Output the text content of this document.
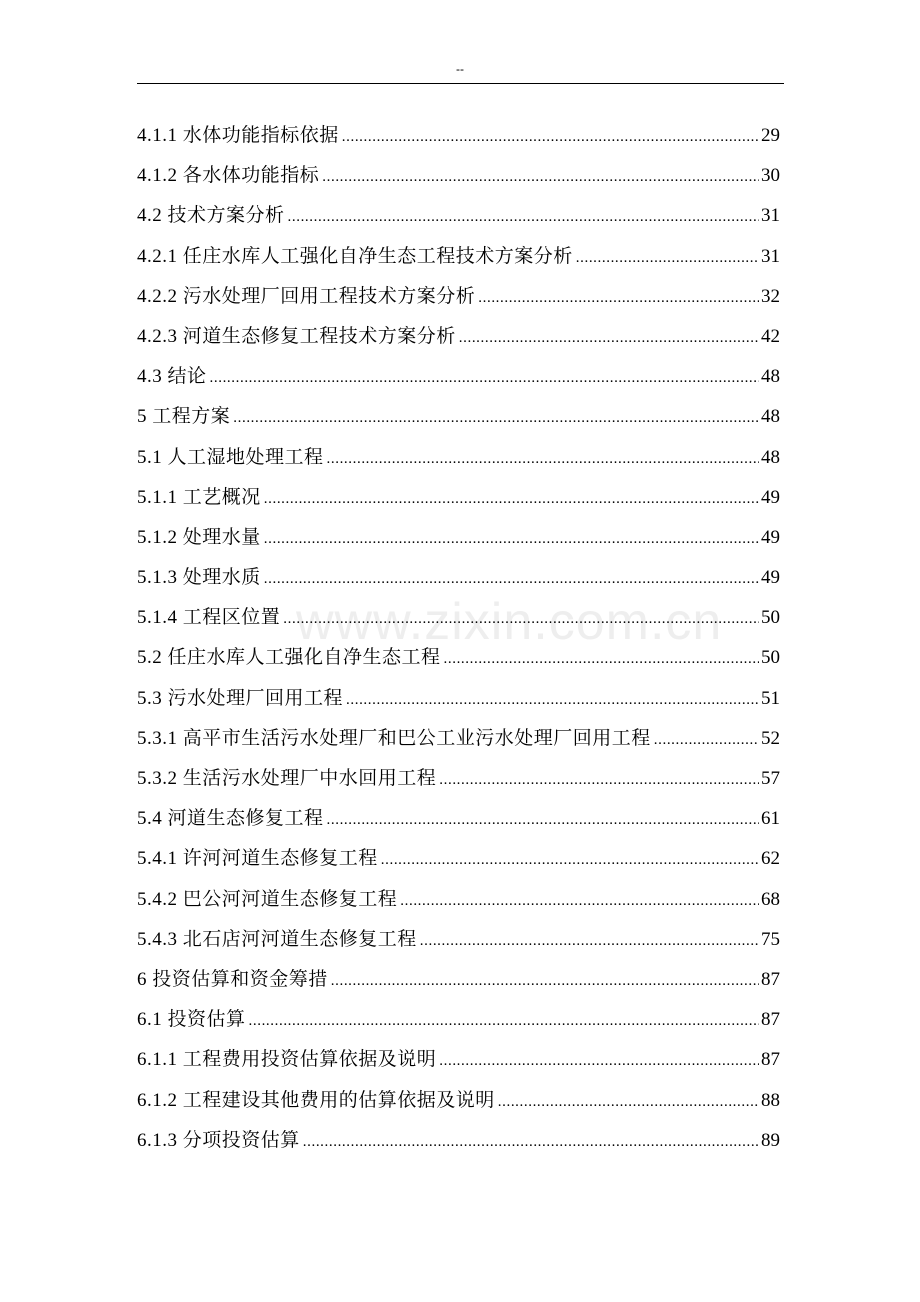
--
www.zixin.com.cn
4.1.1 水体功能指标依据 .....	29
4.1.2 各水体功能指标 .....	30
4.2 技术方案分析 .....	31
4.2.1 任庄水库人工强化自净生态工程技术方案分析 .....	31
4.2.2 污水处理厂回用工程技术方案分析 .....	32
4.2.3 河道生态修复工程技术方案分析 .....	42
4.3 结论 .....	48
5 工程方案 .....	48
5.1 人工湿地处理工程 .....	48
5.1.1 工艺概况 .....	49
5.1.2 处理水量 .....	49
5.1.3 处理水质 .....	49
5.1.4 工程区位置 .....	50
5.2 任庄水库人工强化自净生态工程 .....	50
5.3 污水处理厂回用工程 .....	51
5.3.1 高平市生活污水处理厂和巴公工业污水处理厂回用工程 .....	52
5.3.2 生活污水处理厂中水回用工程 .....	57
5.4 河道生态修复工程 .....	61
5.4.1 许河河道生态修复工程 .....	62
5.4.2 巴公河河道生态修复工程 .....	68
5.4.3 北石店河河道生态修复工程 .....	75
6 投资估算和资金筹措 .....	87
6.1 投资估算 .....	87
6.1.1 工程费用投资估算依据及说明 .....	87
6.1.2 工程建设其他费用的估算依据及说明 .....	88
6.1.3 分项投资估算 .....	89
